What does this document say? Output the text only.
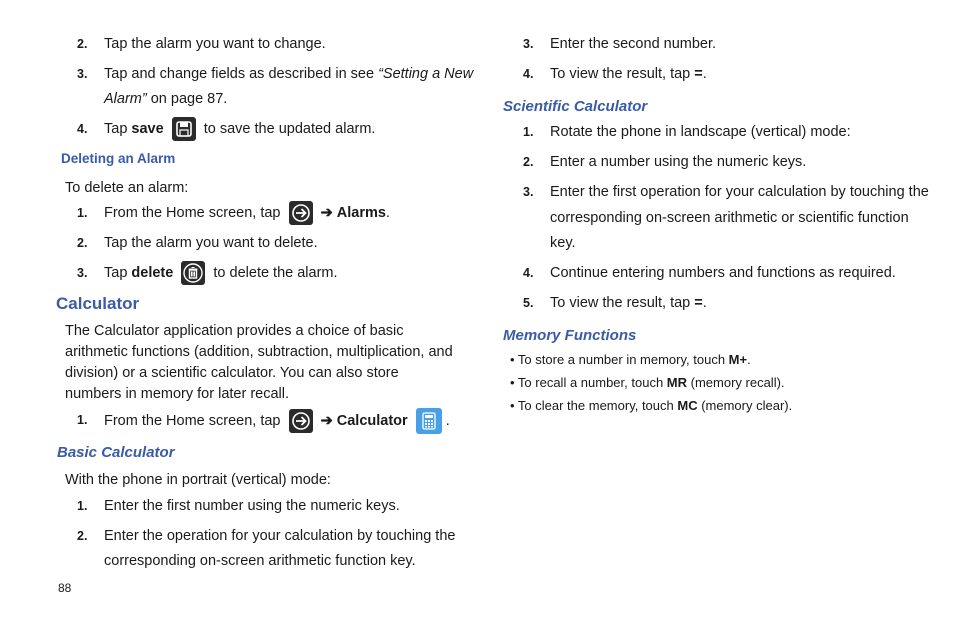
2. Tap the alarm you want to change.
3. Tap and change fields as described in see “Setting a New
Alarm” on page 87.
4. Tap save
to save the updated alarm.
Deleting an Alarm
To delete an alarm:
1. From the Home screen, tap	➔ Alarms.
2. Tap the alarm you want to delete.
3. Tap delete
to delete the alarm.
Calculator
The Calculator application provides a choice of basic arithmetic functions (addition, subtraction, multiplication, and division) or a scientific calculator. You can also store numbers in memory for later recall.
1. From the Home screen, tap	➔ Calculator	.
Basic Calculator
With the phone in portrait (vertical) mode:
1. Enter the first number using the numeric keys.
2. Enter the operation for your calculation by touching the
corresponding on-screen arithmetic function key.
88
3. Enter the second number.
4. To view the result, tap =.
Scientific Calculator
1. Rotate the phone in landscape (vertical) mode:
2. Enter a number using the numeric keys.
3. Enter the first operation for your calculation by touching the
corresponding on-screen arithmetic or scientific function
key.
4. Continue entering numbers and functions as required.
5. To view the result, tap =.
Memory Functions
• To store a number in memory, touch M+.
• To recall a number, touch MR (memory recall).
• To clear the memory, touch MC (memory clear).
